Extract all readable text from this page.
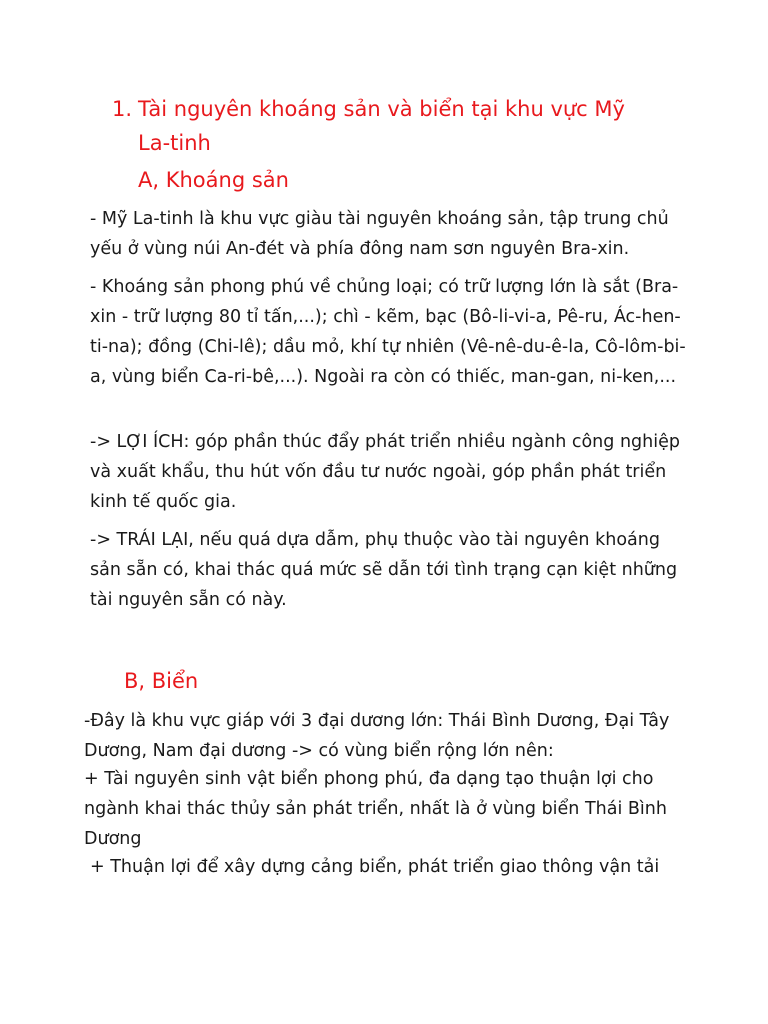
1. Tài nguyên khoáng sản và biển tại khu vực Mỹ La-tinh
A, Khoáng sản

- Mỹ La-tinh là khu vực giàu tài nguyên khoáng sản, tập trung chủ yếu ở vùng núi An-đét và phía đông nam sơn nguyên Bra-xin.

- Khoáng sản phong phú về chủng loại; có trữ lượng lớn là sắt (Bra-xin - trữ lượng 80 tỉ tấn,...); chì - kẽm, bạc (Bô-li-vi-a, Pê-ru, Ác-hen-ti-na); đồng (Chi-lê); dầu mỏ, khí tự nhiên (Vê-nê-du-ê-la, Cô-lôm-bi-a, vùng biển Ca-ri-bê,...). Ngoài ra còn có thiếc, man-gan, ni-ken,...

-> LỢI ÍCH: góp phần thúc đẩy phát triển nhiều ngành công nghiệp và xuất khẩu, thu hút vốn đầu tư nước ngoài, góp phần phát triển kinh tế quốc gia.

-> TRÁI LẠI, nếu quá dựa dẫm, phụ thuộc vào tài nguyên khoáng sản sẵn có, khai thác quá mức sẽ dẫn tới tình trạng cạn kiệt những tài nguyên sẵn có này.

B, Biển

-Đây là khu vực giáp với 3 đại dương lớn: Thái Bình Dương, Đại Tây Dương, Nam đại dương -> có vùng biển rộng lớn nên:

+ Tài nguyên sinh vật biển phong phú, đa dạng tạo thuận lợi cho ngành khai thác thủy sản phát triển, nhất là ở vùng biển Thái Bình Dương

+ Thuận lợi để xây dựng cảng biển, phát triển giao thông vận tải
